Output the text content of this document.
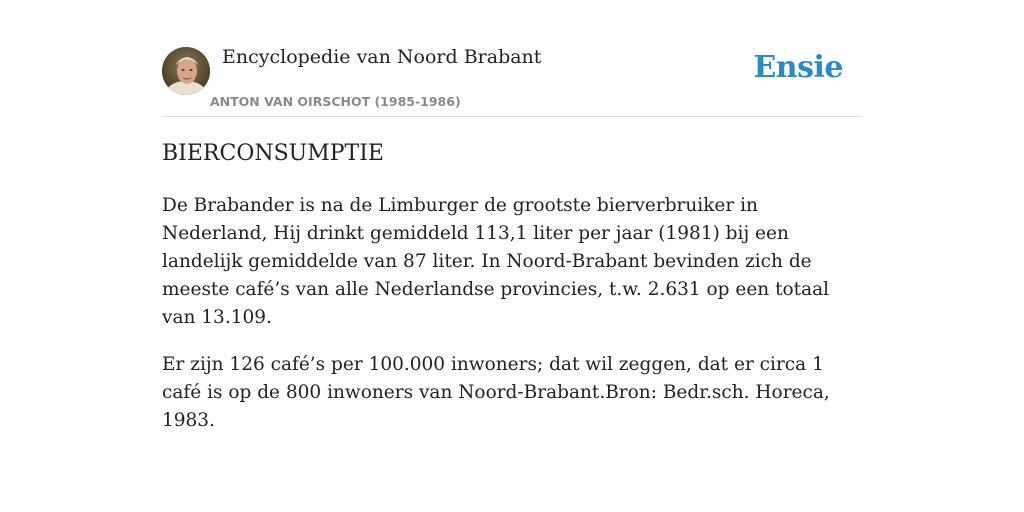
Encyclopedie van Noord Brabant
ANTON VAN OIRSCHOT (1985-1986)
Ensie
BIERCONSUMPTIE

De Brabander is na de Limburger de grootste bierverbruiker in Nederland, Hij drinkt gemiddeld 113,1 liter per jaar (1981) bij een landelijk gemiddelde van 87 liter. In Noord-Brabant bevinden zich de meeste café’s van alle Nederlandse provincies, t.w. 2.631 op een totaal van 13.109.

Er zijn 126 café’s per 100.000 inwoners; dat wil zeggen, dat er circa 1 café is op de 800 inwoners van Noord-Brabant.Bron: Bedr.sch. Horeca, 1983.
